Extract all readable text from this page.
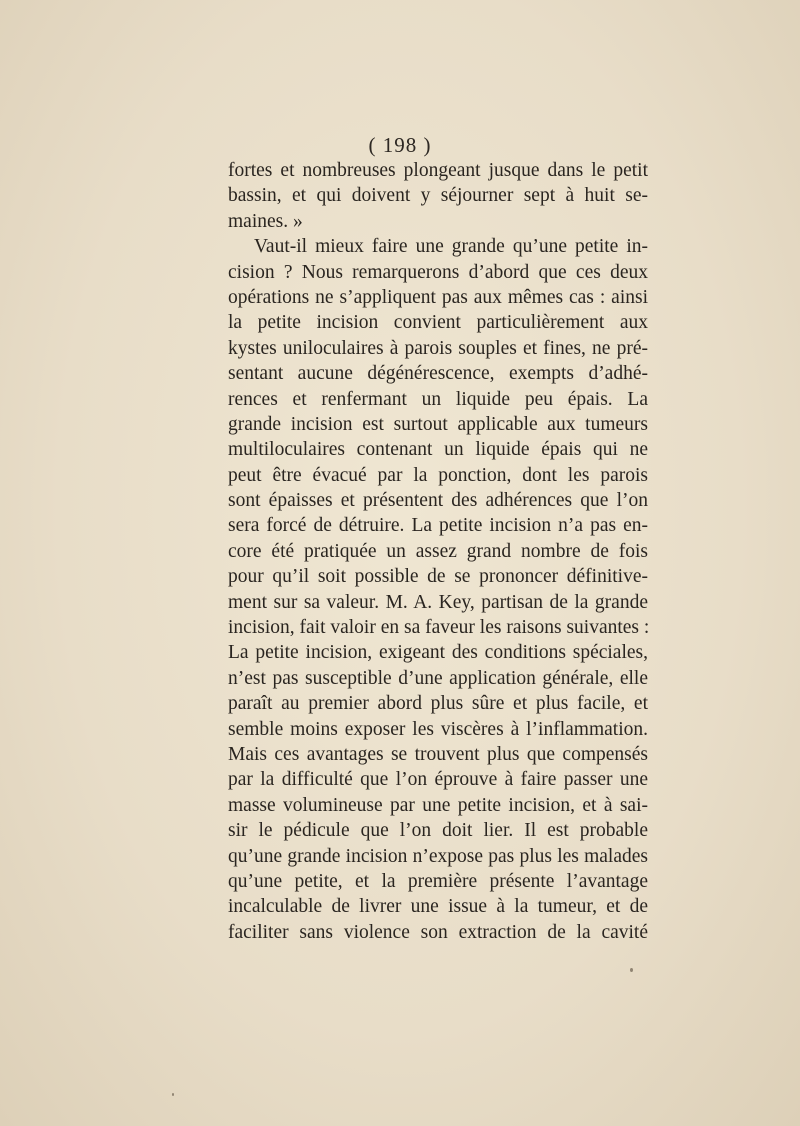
( 198 )
fortes et nombreuses plongeant jusque dans le petit
bassin, et qui doivent y séjourner sept à huit se-
maines. »
Vaut-il mieux faire une grande qu’une petite in-
cision ? Nous remarquerons d’abord que ces deux
opérations ne s’appliquent pas aux mêmes cas : ainsi
la petite incision convient particulièrement aux
kystes uniloculaires à parois souples et fines, ne pré-
sentant aucune dégénérescence, exempts d’adhé-
rences et renfermant un liquide peu épais. La
grande incision est surtout applicable aux tumeurs
multiloculaires contenant un liquide épais qui ne
peut être évacué par la ponction, dont les parois
sont épaisses et présentent des adhérences que l’on
sera forcé de détruire. La petite incision n’a pas en-
core été pratiquée un assez grand nombre de fois
pour qu’il soit possible de se prononcer définitive-
ment sur sa valeur. M. A. Key, partisan de la grande
incision, fait valoir en sa faveur les raisons suivantes :
La petite incision, exigeant des conditions spéciales,
n’est pas susceptible d’une application générale, elle
paraît au premier abord plus sûre et plus facile, et
semble moins exposer les viscères à l’inflammation.
Mais ces avantages se trouvent plus que compensés
par la difficulté que l’on éprouve à faire passer une
masse volumineuse par une petite incision, et à sai-
sir le pédicule que l’on doit lier. Il est probable
qu’une grande incision n’expose pas plus les malades
qu’une petite, et la première présente l’avantage
incalculable de livrer une issue à la tumeur, et de
faciliter sans violence son extraction de la cavité
